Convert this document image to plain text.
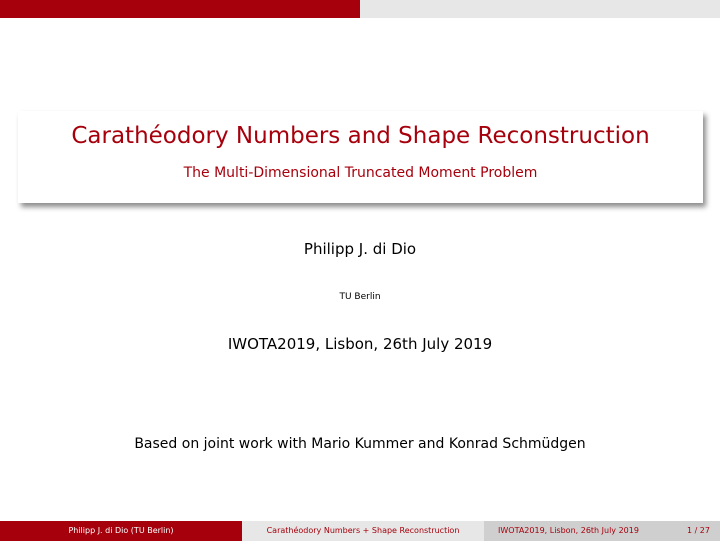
Carathéodory Numbers and Shape Reconstruction
The Multi-Dimensional Truncated Moment Problem
Philipp J. di Dio
TU Berlin
IWOTA2019, Lisbon, 26th July 2019
Based on joint work with Mario Kummer and Konrad Schmüdgen
Philipp J. di Dio (TU Berlin)	Carathéodory Numbers + Shape Reconstruction	IWOTA2019, Lisbon, 26th July 2019	1 / 27
